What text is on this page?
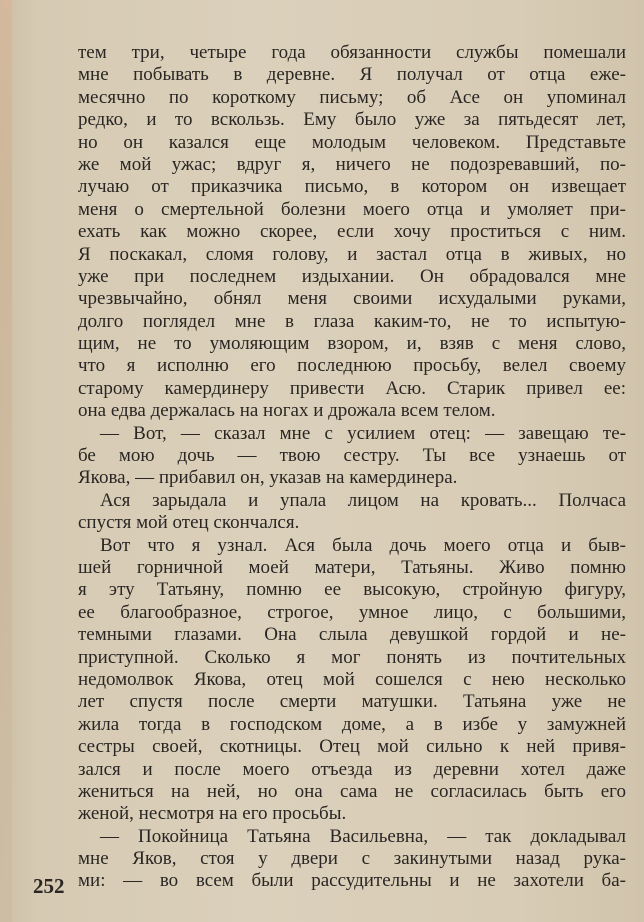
тем три, четыре года обязанности службы помешали
мне побывать в деревне. Я получал от отца еже-
месячно по короткому письму; об Асе он упоминал
редко, и то вскользь. Ему было уже за пятьдесят лет,
но он казался еще молодым человеком. Представьте
же мой ужас; вдруг я, ничего не подозревавший, по-
лучаю от приказчика письмо, в котором он извещает
меня о смертельной болезни моего отца и умоляет при-
ехать как можно скорее, если хочу проститься с ним.
Я поскакал, сломя голову, и застал отца в живых, но
уже при последнем издыхании. Он обрадовался мне
чрезвычайно, обнял меня своими исхудалыми руками,
долго поглядел мне в глаза каким-то, не то испытую-
щим, не то умоляющим взором, и, взяв с меня слово,
что я исполню его последнюю просьбу, велел своему
старому камердинеру привести Асю. Старик привел ее:
она едва держалась на ногах и дрожала всем телом.
— Вот, — сказал мне с усилием отец: — завещаю те-
бе мою дочь — твою сестру. Ты все узнаешь от
Якова, — прибавил он, указав на камердинера.
Ася зарыдала и упала лицом на кровать... Полчаса
спустя мой отец скончался.
Вот что я узнал. Ася была дочь моего отца и быв-
шей горничной моей матери, Татьяны. Живо помню
я эту Татьяну, помню ее высокую, стройную фигуру,
ее благообразное, строгое, умное лицо, с большими,
темными глазами. Она слыла девушкой гордой и не-
приступной. Сколько я мог понять из почтительных
недомолвок Якова, отец мой сошелся с нею несколько
лет спустя после смерти матушки. Татьяна уже не
жила тогда в господском доме, а в избе у замужней
сестры своей, скотницы. Отец мой сильно к ней привя-
зался и после моего отъезда из деревни хотел даже
жениться на ней, но она сама не согласилась быть его
женой, несмотря на его просьбы.
— Покойница Татьяна Васильевна, — так докладывал
мне Яков, стоя у двери с закинутыми назад рука-
ми: — во всем были рассудительны и не захотели ба-
252
